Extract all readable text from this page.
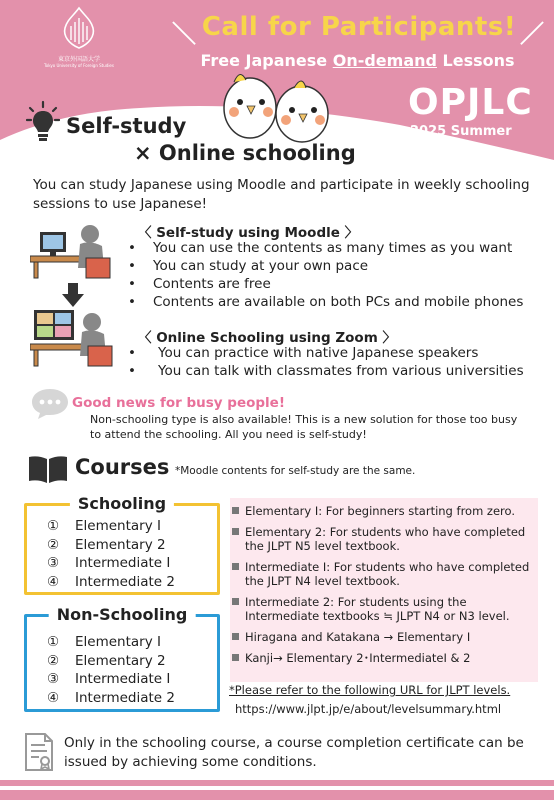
東京外国語大学
Tokyo University of Foreign Studies
＼ Call for Participants! ／
Free Japanese On-demand Lessons
OPJLC
2025 Summer
Self-study
× Online schooling
You can study Japanese using Moodle and participate in weekly schooling sessions to use Japanese!
〈 Self-study using Moodle 〉
• You can use the contents as many times as you want
• You can study at your own pace
• Contents are free
• Contents are available on both PCs and mobile phones
〈 Online Schooling using Zoom 〉
• You can practice with native Japanese speakers
• You can talk with classmates from various universities
Good news for busy people!
Non-schooling type is also available! This is a new solution for those too busy to attend the schooling. All you need is self-study!
Courses *Moodle contents for self-study are the same.
Schooling
① Elementary Ⅰ
② Elementary 2
③ Intermediate Ⅰ
④ Intermediate 2
Non-Schooling
① Elementary Ⅰ
② Elementary 2
③ Intermediate Ⅰ
④ Intermediate 2
Elementary Ⅰ: For beginners starting from zero.
Elementary 2: For students who have completed the JLPT N5 level textbook.
Intermediate Ⅰ: For students who have completed the JLPT N4 level textbook.
Intermediate 2: For students using the Intermediate textbooks ≒ JLPT N4 or N3 level.
Hiragana and Katakana → Elementary Ⅰ
Kanji→ Elementary 2･IntermediateⅠ & 2
*Please refer to the following URL for JLPT levels.
https://www.jlpt.jp/e/about/levelsummary.html
Only in the schooling course, a course completion certificate can be issued by achieving some conditions.
